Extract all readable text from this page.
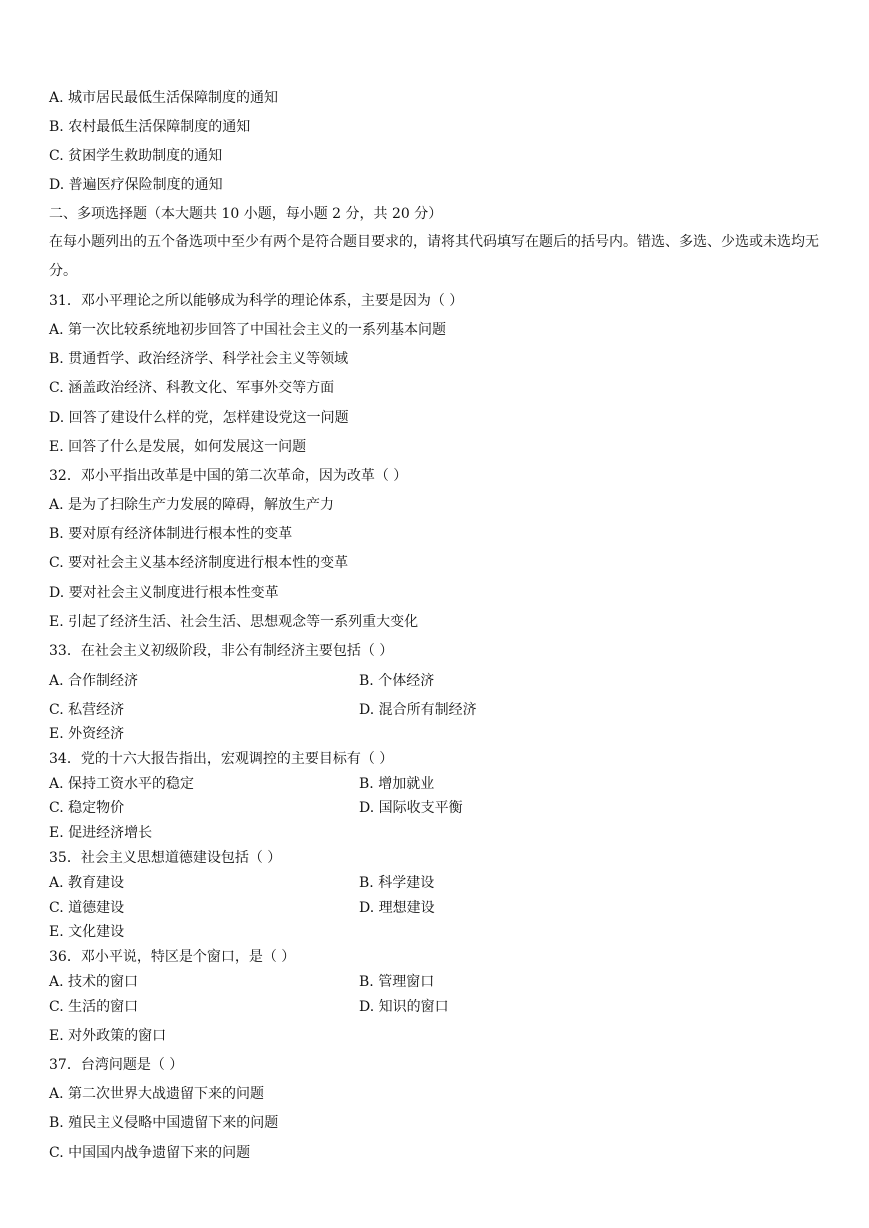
A. 城市居民最低生活保障制度的通知
B. 农村最低生活保障制度的通知
C. 贫困学生救助制度的通知
D. 普遍医疗保险制度的通知
二、多项选择题（本大题共 10 小题，每小题 2 分，共 20 分）
在每小题列出的五个备选项中至少有两个是符合题目要求的，请将其代码填写在题后的括号内。错选、多选、少选或未选均无分。
31．邓小平理论之所以能够成为科学的理论体系，主要是因为（ ）
A. 第一次比较系统地初步回答了中国社会主义的一系列基本问题
B. 贯通哲学、政治经济学、科学社会主义等领域
C. 涵盖政治经济、科教文化、军事外交等方面
D. 回答了建设什么样的党，怎样建设党这一问题
E. 回答了什么是发展，如何发展这一问题
32．邓小平指出改革是中国的第二次革命，因为改革（ ）
A. 是为了扫除生产力发展的障碍，解放生产力
B. 要对原有经济体制进行根本性的变革
C. 要对社会主义基本经济制度进行根本性的变革
D. 要对社会主义制度进行根本性变革
E. 引起了经济生活、社会生活、思想观念等一系列重大变化
33．在社会主义初级阶段，非公有制经济主要包括（ ）
A. 合作制经济	B. 个体经济
C. 私营经济	D. 混合所有制经济
E. 外资经济
34．党的十六大报告指出，宏观调控的主要目标有（ ）
A. 保持工资水平的稳定	B. 增加就业
C. 稳定物价	D. 国际收支平衡
E. 促进经济增长
35．社会主义思想道德建设包括（ ）
A. 教育建设	B. 科学建设
C. 道德建设	D. 理想建设
E. 文化建设
36．邓小平说，特区是个窗口，是（ ）
A. 技术的窗口	B. 管理窗口
C. 生活的窗口	D. 知识的窗口
E. 对外政策的窗口
37．台湾问题是（ ）
A. 第二次世界大战遗留下来的问题
B. 殖民主义侵略中国遗留下来的问题
C. 中国国内战争遗留下来的问题
